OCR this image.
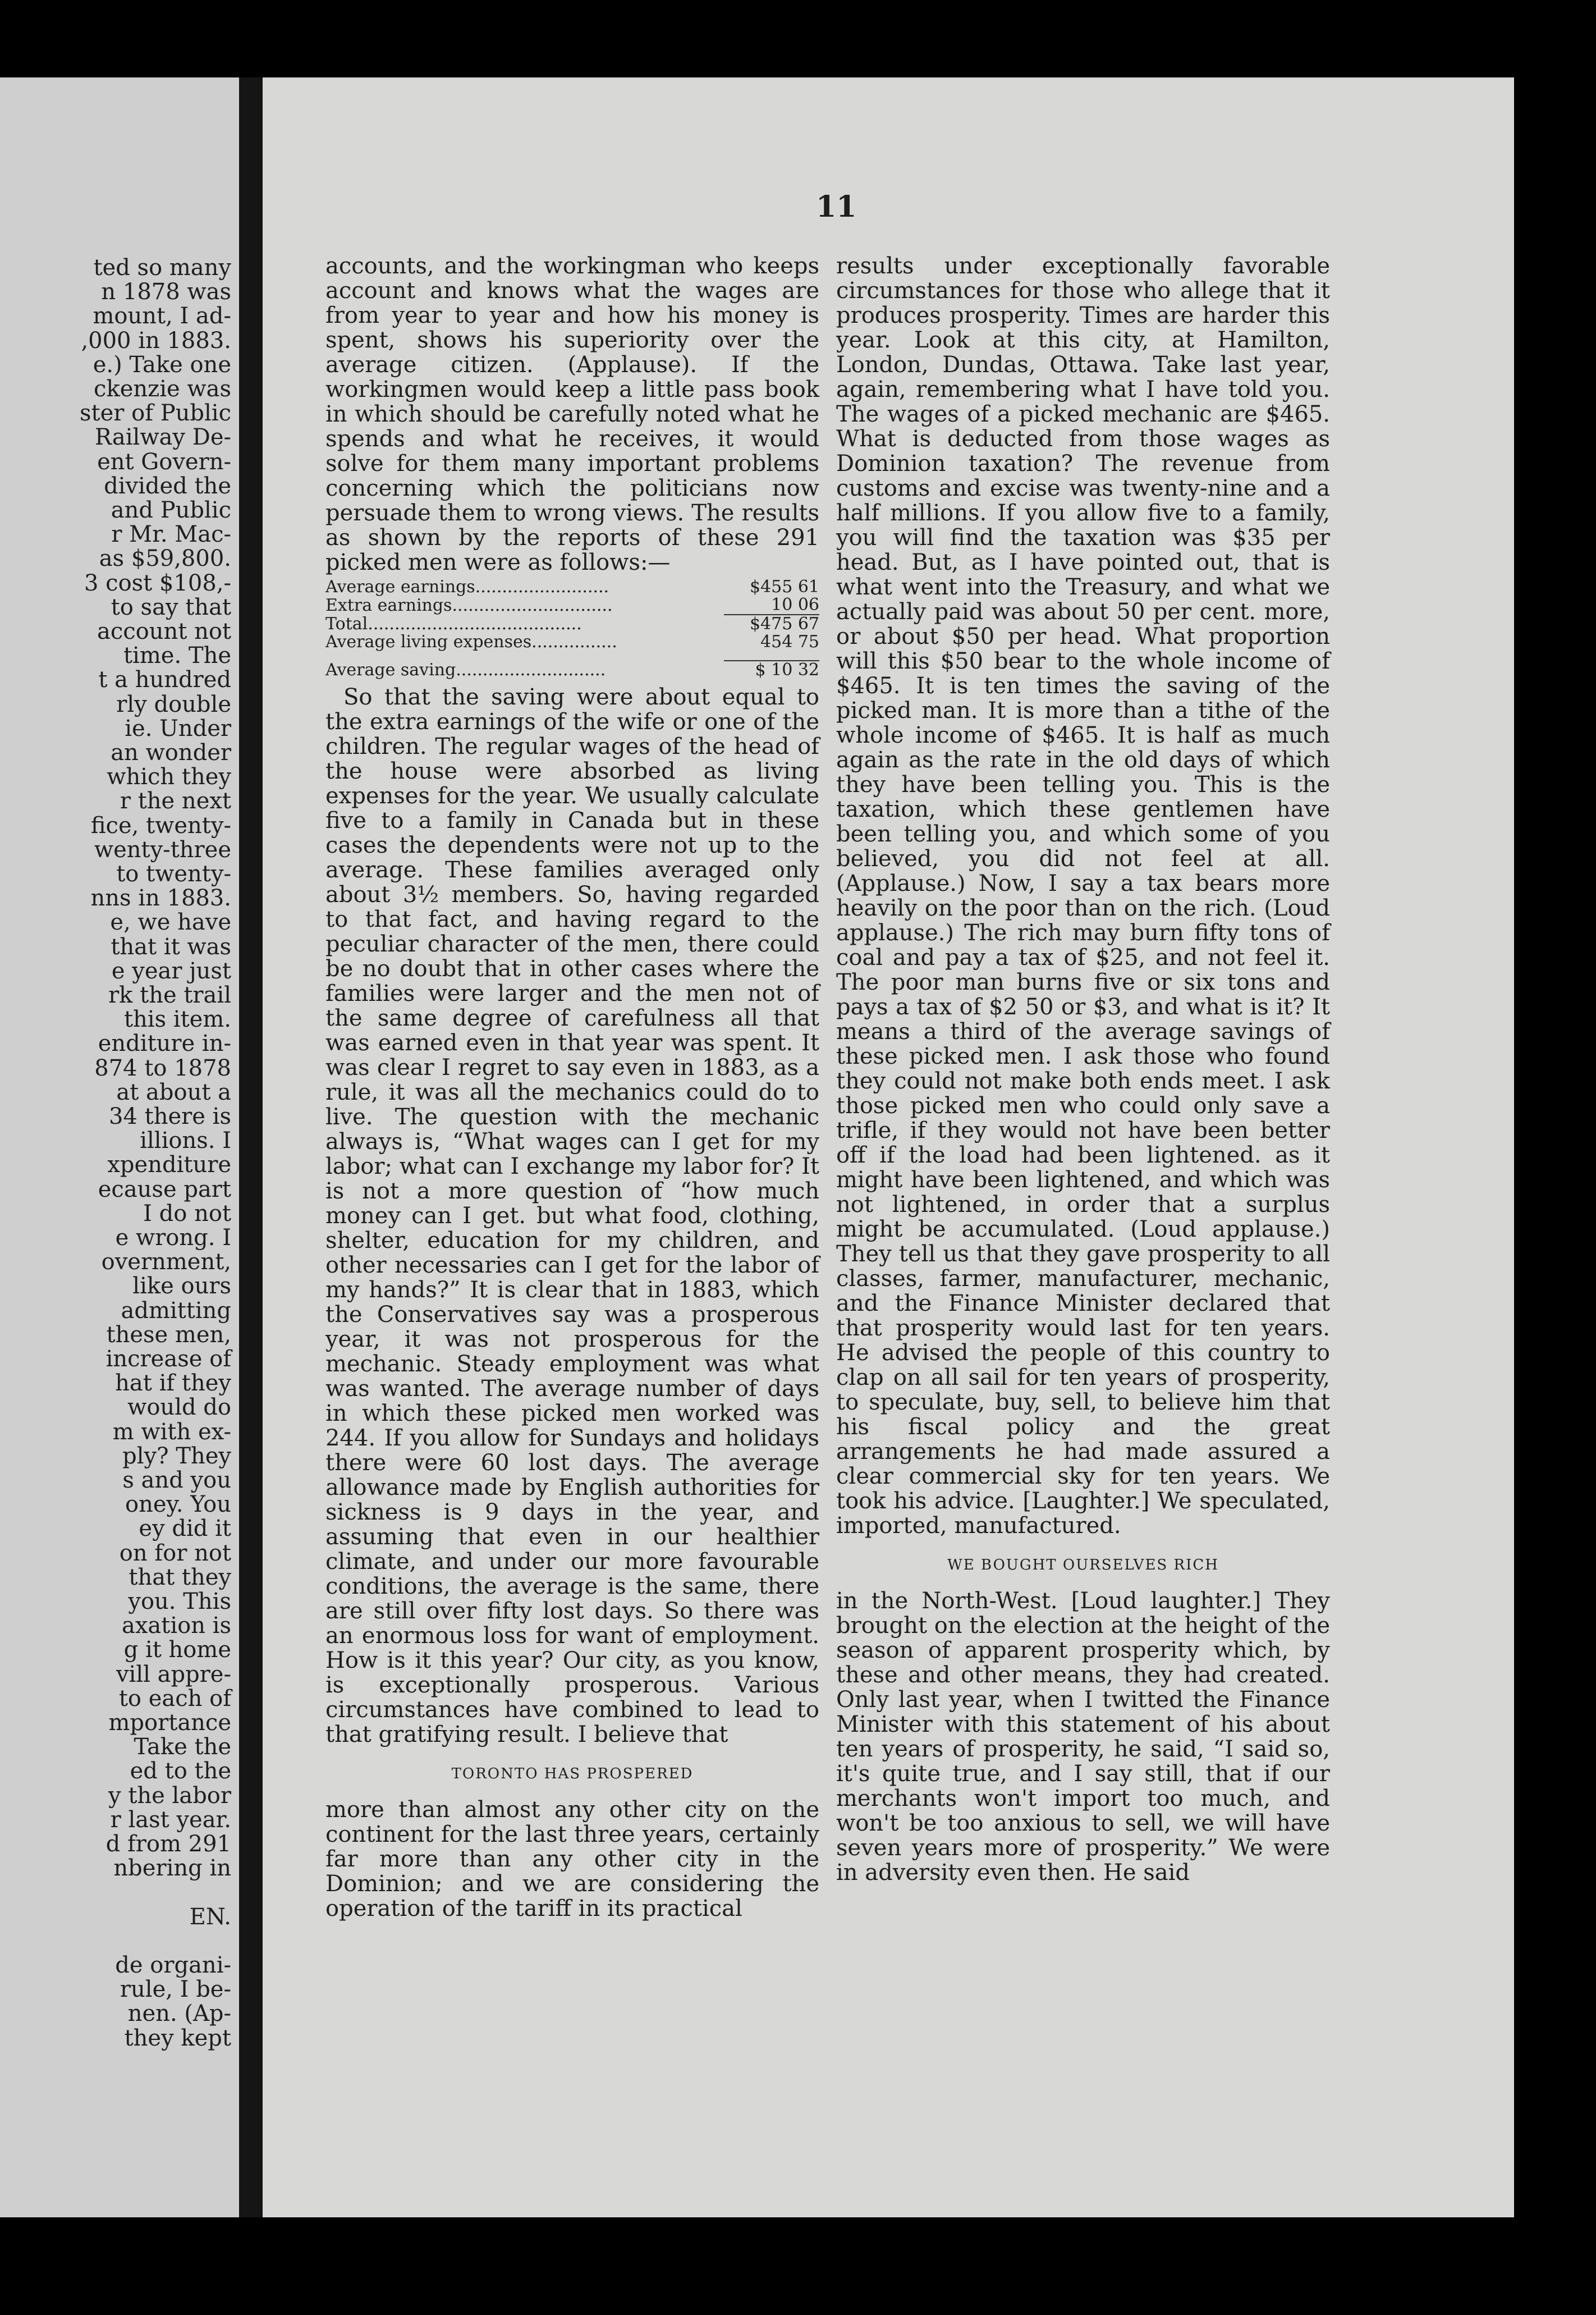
ted so many
n 1878 was
mount, I ad-
,000 in 1883.
e.) Take one
ckenzie was
ster of Public
Railway De-
ent Govern-
divided the
and Public
r Mr. Mac-
as $59,800.
3 cost $108,-
to say that
account not
time. The
t a hundred
rly double
ie. Under
an wonder
which they
r the next
fice, twenty-
wenty-three
to twenty-
nns in 1883.
e, we have
that it was
e year just
rk the trail
this item.
enditure in-
874 to 1878
at about a
34 there is
illions. I
xpenditure
ecause part
I do not
e wrong. I
overnment,
like ours
admitting
these men,
increase of
hat if they
would do
m with ex-
ply? They
s and you
oney. You
ey did it
on for not
that they
you. This
axation is
g it home
vill appre-
to each of
mportance
Take the
ed to the
y the labor
r last year.
d from 291
nbering in
EN.
de organi-
rule, I be-
nen. (Ap-
they kept
11

accounts, and the workingman who keeps account and knows what the wages are from year to year and how his money is spent, shows his superiority over the average citizen. (Applause). If the workingmen would keep a little pass book in which should be carefully noted what he spends and what he receives, it would solve for them many important problems concerning which the politicians now persuade them to wrong views. The results as shown by the reports of these 291 picked men were as follows:—

Average earnings.........................	$455 61
Extra earnings..............................	10 06
Total........................................	$475 67
Average living expenses................	454 75

Average saving............................	$ 10 32

So that the saving were about equal to the extra earnings of the wife or one of the children. The regular wages of the head of the house were absorbed as living expenses for the year. We usually calculate five to a family in Canada but in these cases the dependents were not up to the average. These families averaged only about 3½ members. So, having regarded to that fact, and having regard to the peculiar character of the men, there could be no doubt that in other cases where the families were larger and the men not of the same degree of carefulness all that was earned even in that year was spent. It was clear I regret to say even in 1883, as a rule, it was all the mechanics could do to live. The question with the mechanic always is, “What wages can I get for my labor; what can I exchange my labor for? It is not a more question of “how much money can I get. but what food, clothing, shelter, education for my children, and other necessaries can I get for the labor of my hands?” It is clear that in 1883, which the Conservatives say was a prosperous year, it was not prosperous for the mechanic. Steady employment was what was wanted. The average number of days in which these picked men worked was 244. If you allow for Sundays and holidays there were 60 lost days. The average allowance made by English authorities for sickness is 9 days in the year, and assuming that even in our healthier climate, and under our more favourable conditions, the average is the same, there are still over fifty lost days. So there was an enormous loss for want of employment. How is it this year? Our city, as you know, is exceptionally prosperous. Various circumstances have combined to lead to that gratifying result. I believe that

TORONTO HAS PROSPERED

more than almost any other city on the continent for the last three years, certainly far more than any other city in the Dominion; and we are considering the operation of the tariff in its practical

results under exceptionally favorable circumstances for those who allege that it produces prosperity. Times are harder this year. Look at this city, at Hamilton, London, Dundas, Ottawa. Take last year, again, remembering what I have told you. The wages of a picked mechanic are $465. What is deducted from those wages as Dominion taxation? The revenue from customs and excise was twenty-nine and a half millions. If you allow five to a family, you will find the taxation was $35 per head. But, as I have pointed out, that is what went into the Treasury, and what we actually paid was about 50 per cent. more, or about $50 per head. What proportion will this $50 bear to the whole income of $465. It is ten times the saving of the picked man. It is more than a tithe of the whole income of $465. It is half as much again as the rate in the old days of which they have been telling you. This is the taxation, which these gentlemen have been telling you, and which some of you believed, you did not feel at all. (Applause.) Now, I say a tax bears more heavily on the poor than on the rich. (Loud applause.) The rich may burn fifty tons of coal and pay a tax of $25, and not feel it. The poor man burns five or six tons and pays a tax of $2 50 or $3, and what is it? It means a third of the average savings of these picked men. I ask those who found they could not make both ends meet. I ask those picked men who could only save a trifle, if they would not have been better off if the load had been lightened. as it might have been lightened, and which was not lightened, in order that a surplus might be accumulated. (Loud applause.) They tell us that they gave prosperity to all classes, farmer, manufacturer, mechanic, and the Finance Minister declared that that prosperity would last for ten years. He advised the people of this country to clap on all sail for ten years of prosperity, to speculate, buy, sell, to believe him that his fiscal policy and the great arrangements he had made assured a clear commercial sky for ten years. We took his advice. [Laughter.] We speculated, imported, manufactured.

WE BOUGHT OURSELVES RICH

in the North-West. [Loud laughter.] They brought on the election at the height of the season of apparent prosperity which, by these and other means, they had created. Only last year, when I twitted the Finance Minister with this statement of his about ten years of prosperity, he said, “I said so, it's quite true, and I say still, that if our merchants won't import too much, and won't be too anxious to sell, we will have seven years more of prosperity.” We were in adversity even then. He said
